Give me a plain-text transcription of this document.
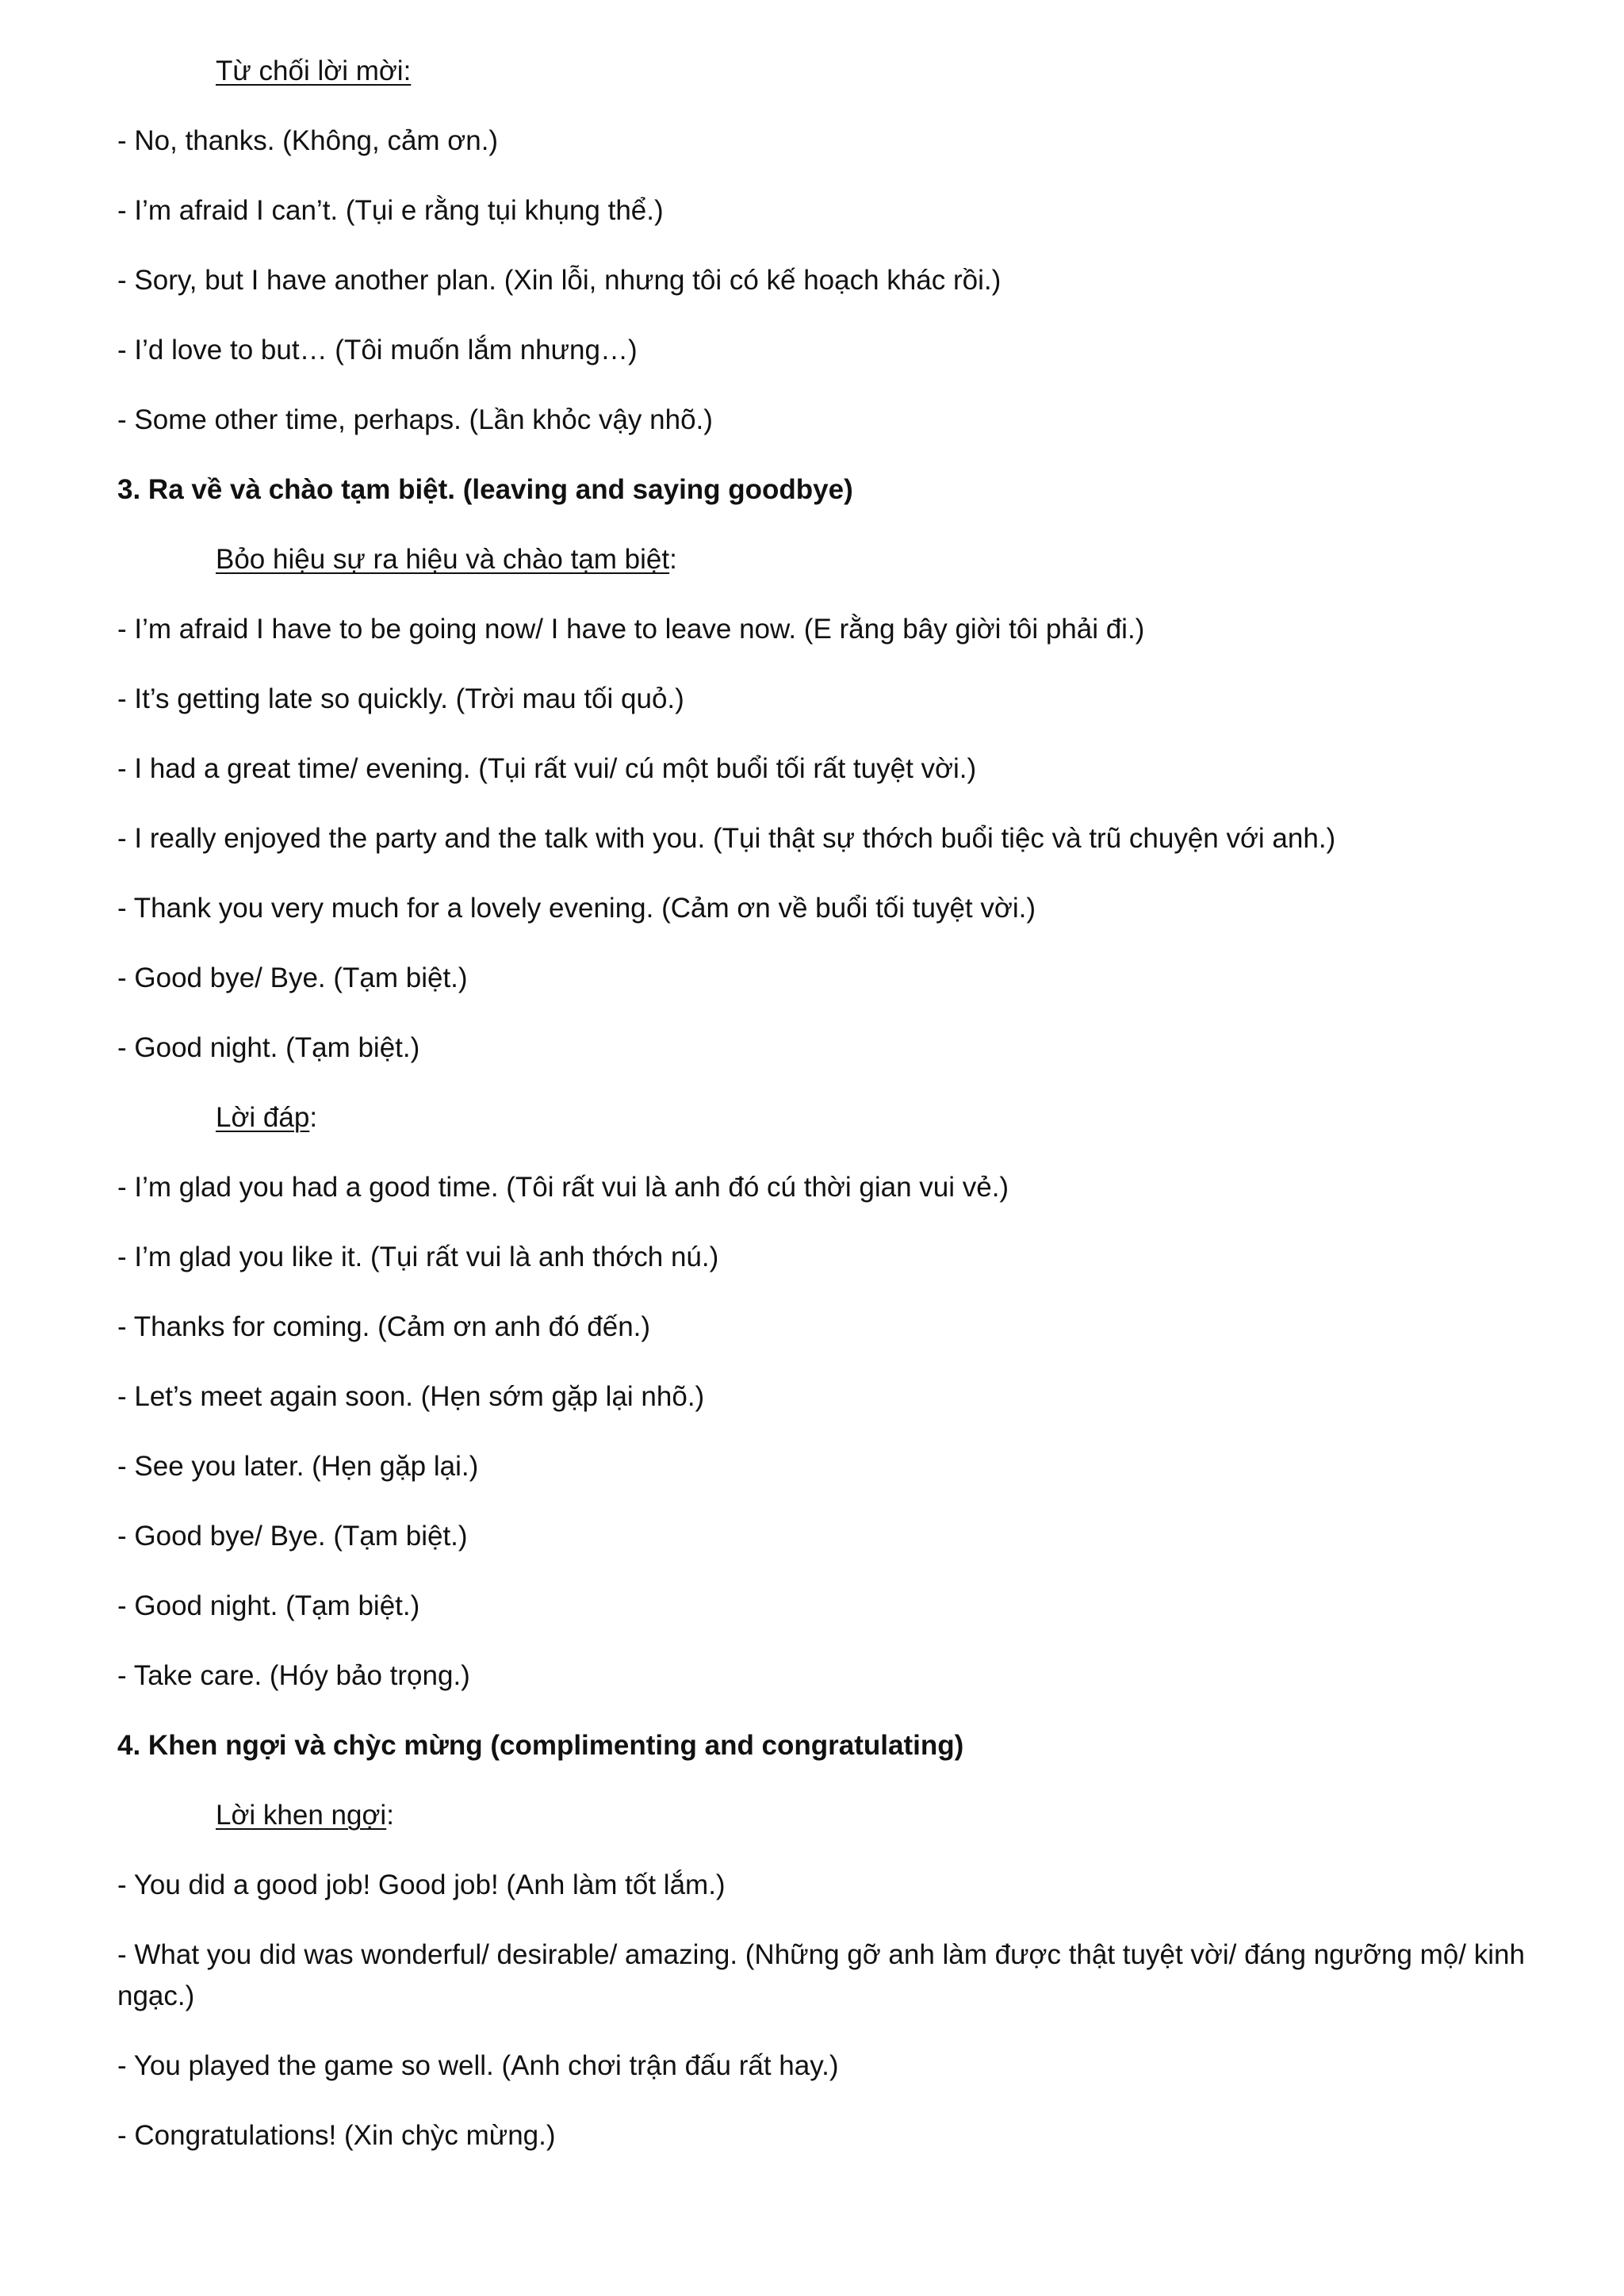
Từ chối lời mời:
- No, thanks. (Không, cảm ơn.)
- I’m afraid I can’t. (Tụi e rằng tụi khụng thể.)
- Sory, but I have another plan. (Xin lỗi, nhưng tôi có kế hoạch khác rồi.)
- I’d love to but… (Tôi muốn lắm nhưng…)
- Some other time, perhaps. (Lần khỏc vậy nhõ.)
3. Ra về và chào tạm biệt. (leaving and saying goodbye)
Bỏo hiệu sự ra hiệu và chào tạm biệt:
- I’m afraid I have to be going now/ I have to leave now. (E rằng bây giời tôi phải đi.)
- It’s getting late so quickly. (Trời mau tối quỏ.)
- I had a great time/ evening. (Tụi rất vui/ cú một buổi tối rất tuyệt vời.)
- I really enjoyed the party and the talk with you. (Tụi thật sự thớch buổi tiệc và trũ chuyện với anh.)
- Thank you very much for a lovely evening. (Cảm ơn về buổi tối tuyệt vời.)
- Good bye/ Bye. (Tạm biệt.)
- Good night. (Tạm biệt.)
Lời đáp:
- I’m glad you had a good time. (Tôi rất vui là anh đó cú thời gian vui vẻ.)
- I’m glad you like it. (Tụi rất vui là anh thớch nú.)
- Thanks for coming. (Cảm ơn anh đó đến.)
- Let’s meet again soon. (Hẹn sớm gặp lại nhõ.)
- See you later. (Hẹn gặp lại.)
- Good bye/ Bye. (Tạm biệt.)
- Good night. (Tạm biệt.)
- Take care. (Hóy bảo trọng.)
4. Khen ngợi và chỳc mừng (complimenting and congratulating)
Lời khen ngợi:
- You did a good job! Good job! (Anh làm tốt lắm.)
- What you did was wonderful/ desirable/ amazing. (Những gỡ anh làm được thật tuyệt vời/ đáng ngưỡng mộ/ kinh ngạc.)
- You played the game so well. (Anh chơi trận đấu rất hay.)
- Congratulations! (Xin chỳc mừng.)
